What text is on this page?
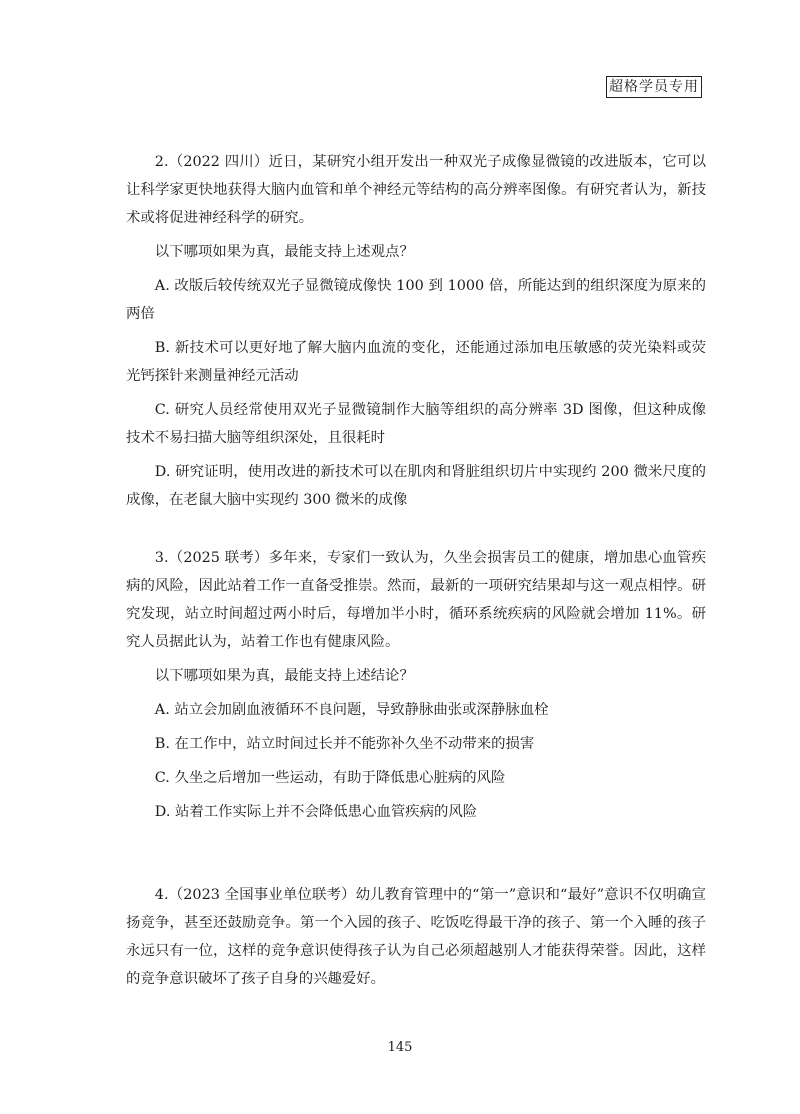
超格学员专用

2.（2022 四川）近日，某研究小组开发出一种双光子成像显微镜的改进版本，它可以让科学家更快地获得大脑内血管和单个神经元等结构的高分辨率图像。有研究者认为，新技术或将促进神经科学的研究。

以下哪项如果为真，最能支持上述观点？

A. 改版后较传统双光子显微镜成像快 100 到 1000 倍，所能达到的组织深度为原来的两倍

B. 新技术可以更好地了解大脑内血流的变化，还能通过添加电压敏感的荧光染料或荧光钙探针来测量神经元活动

C. 研究人员经常使用双光子显微镜制作大脑等组织的高分辨率 3D 图像，但这种成像技术不易扫描大脑等组织深处，且很耗时

D. 研究证明，使用改进的新技术可以在肌肉和肾脏组织切片中实现约 200 微米尺度的成像，在老鼠大脑中实现约 300 微米的成像

3.（2025 联考）多年来，专家们一致认为，久坐会损害员工的健康，增加患心血管疾病的风险，因此站着工作一直备受推崇。然而，最新的一项研究结果却与这一观点相悖。研究发现，站立时间超过两小时后，每增加半小时，循环系统疾病的风险就会增加 11%。研究人员据此认为，站着工作也有健康风险。

以下哪项如果为真，最能支持上述结论？

A. 站立会加剧血液循环不良问题，导致静脉曲张或深静脉血栓

B. 在工作中，站立时间过长并不能弥补久坐不动带来的损害

C. 久坐之后增加一些运动，有助于降低患心脏病的风险

D. 站着工作实际上并不会降低患心血管疾病的风险

4.（2023 全国事业单位联考）幼儿教育管理中的“第一”意识和“最好”意识不仅明确宣扬竞争，甚至还鼓励竞争。第一个入园的孩子、吃饭吃得最干净的孩子、第一个入睡的孩子永远只有一位，这样的竞争意识使得孩子认为自己必须超越别人才能获得荣誉。因此，这样的竞争意识破坏了孩子自身的兴趣爱好。

145
